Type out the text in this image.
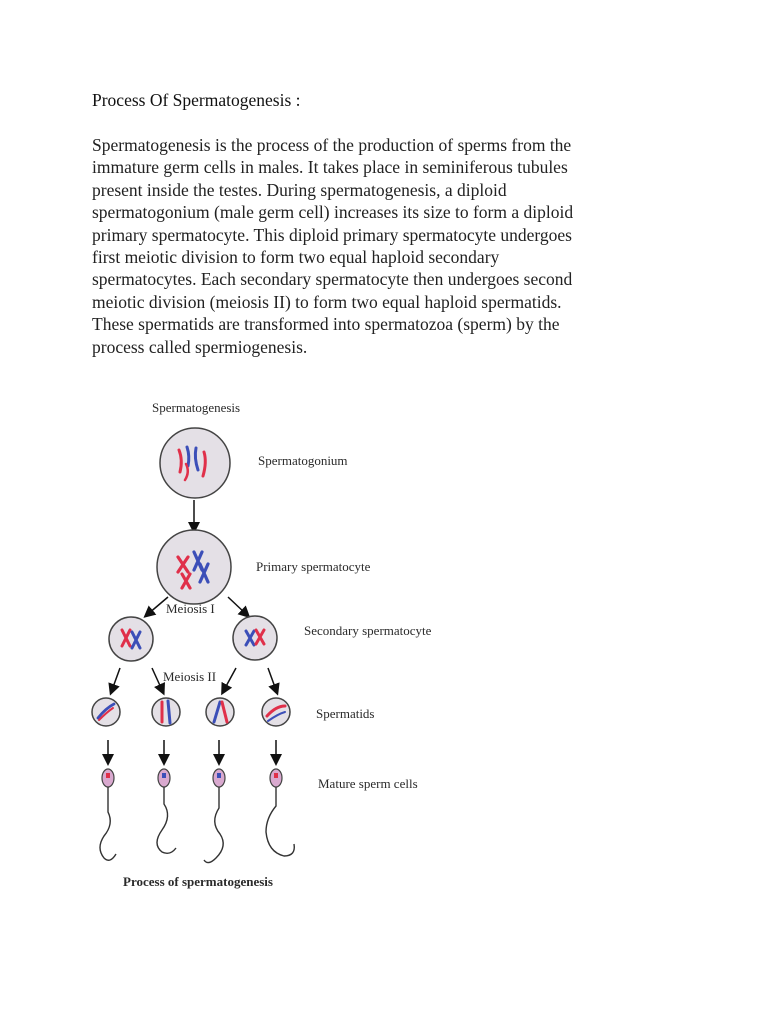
Process Of Spermatogenesis :
Spermatogenesis is the process of the production of sperms from the
immature germ cells in males. It takes place in seminiferous tubules
present inside the testes. During spermatogenesis, a diploid
spermatogonium (male germ cell) increases its size to form a diploid
primary spermatocyte. This diploid primary spermatocyte undergoes
first meiotic division to form two equal haploid secondary
spermatocytes. Each secondary spermatocyte then undergoes second
meiotic division (meiosis II) to form two equal haploid spermatids.
These spermatids are transformed into spermatozoa (sperm) by the
process called spermiogenesis.
Spermatogenesis
Spermatogonium
Primary spermatocyte
Meiosis I
Secondary spermatocyte
Meiosis II
Spermatids
Mature sperm cells
Process of spermatogenesis
